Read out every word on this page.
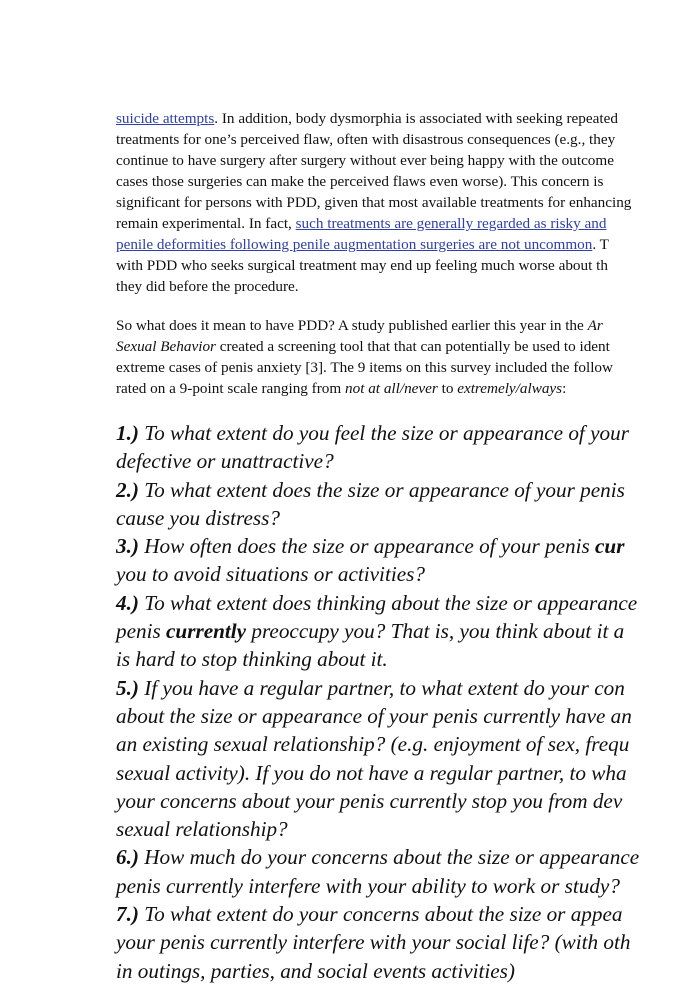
suicide attempts. In addition, body dysmorphia is associated with seeking repeated
treatments for one’s perceived flaw, often with disastrous consequences (e.g., they
continue to have surgery after surgery without ever being happy with the outcome
cases those surgeries can make the perceived flaws even worse). This concern is
significant for persons with PDD, given that most available treatments for enhancing
remain experimental. In fact, such treatments are generally regarded as risky and
penile deformities following penile augmentation surgeries are not uncommon. T
with PDD who seeks surgical treatment may end up feeling much worse about th
they did before the procedure.
So what does it mean to have PDD? A study published earlier this year in the Ar
Sexual Behavior created a screening tool that that can potentially be used to ident
extreme cases of penis anxiety [3]. The 9 items on this survey included the follow
rated on a 9-point scale ranging from not at all/never to extremely/always:
1.) To what extent do you feel the size or appearance of your
defective or unattractive?
2.) To what extent does the size or appearance of your penis
cause you distress?
3.) How often does the size or appearance of your penis cur
you to avoid situations or activities?
4.) To what extent does thinking about the size or appearance
penis currently preoccupy you? That is, you think about it a
is hard to stop thinking about it.
5.) If you have a regular partner, to what extent do your con
about the size or appearance of your penis currently have an
an existing sexual relationship? (e.g. enjoyment of sex, frequ
sexual activity). If you do not have a regular partner, to wha
your concerns about your penis currently stop you from dev
sexual relationship?
6.) How much do your concerns about the size or appearance
penis currently interfere with your ability to work or study?
7.) To what extent do your concerns about the size or appea
your penis currently interfere with your social life? (with oth
in outings, parties, and social events activities)
